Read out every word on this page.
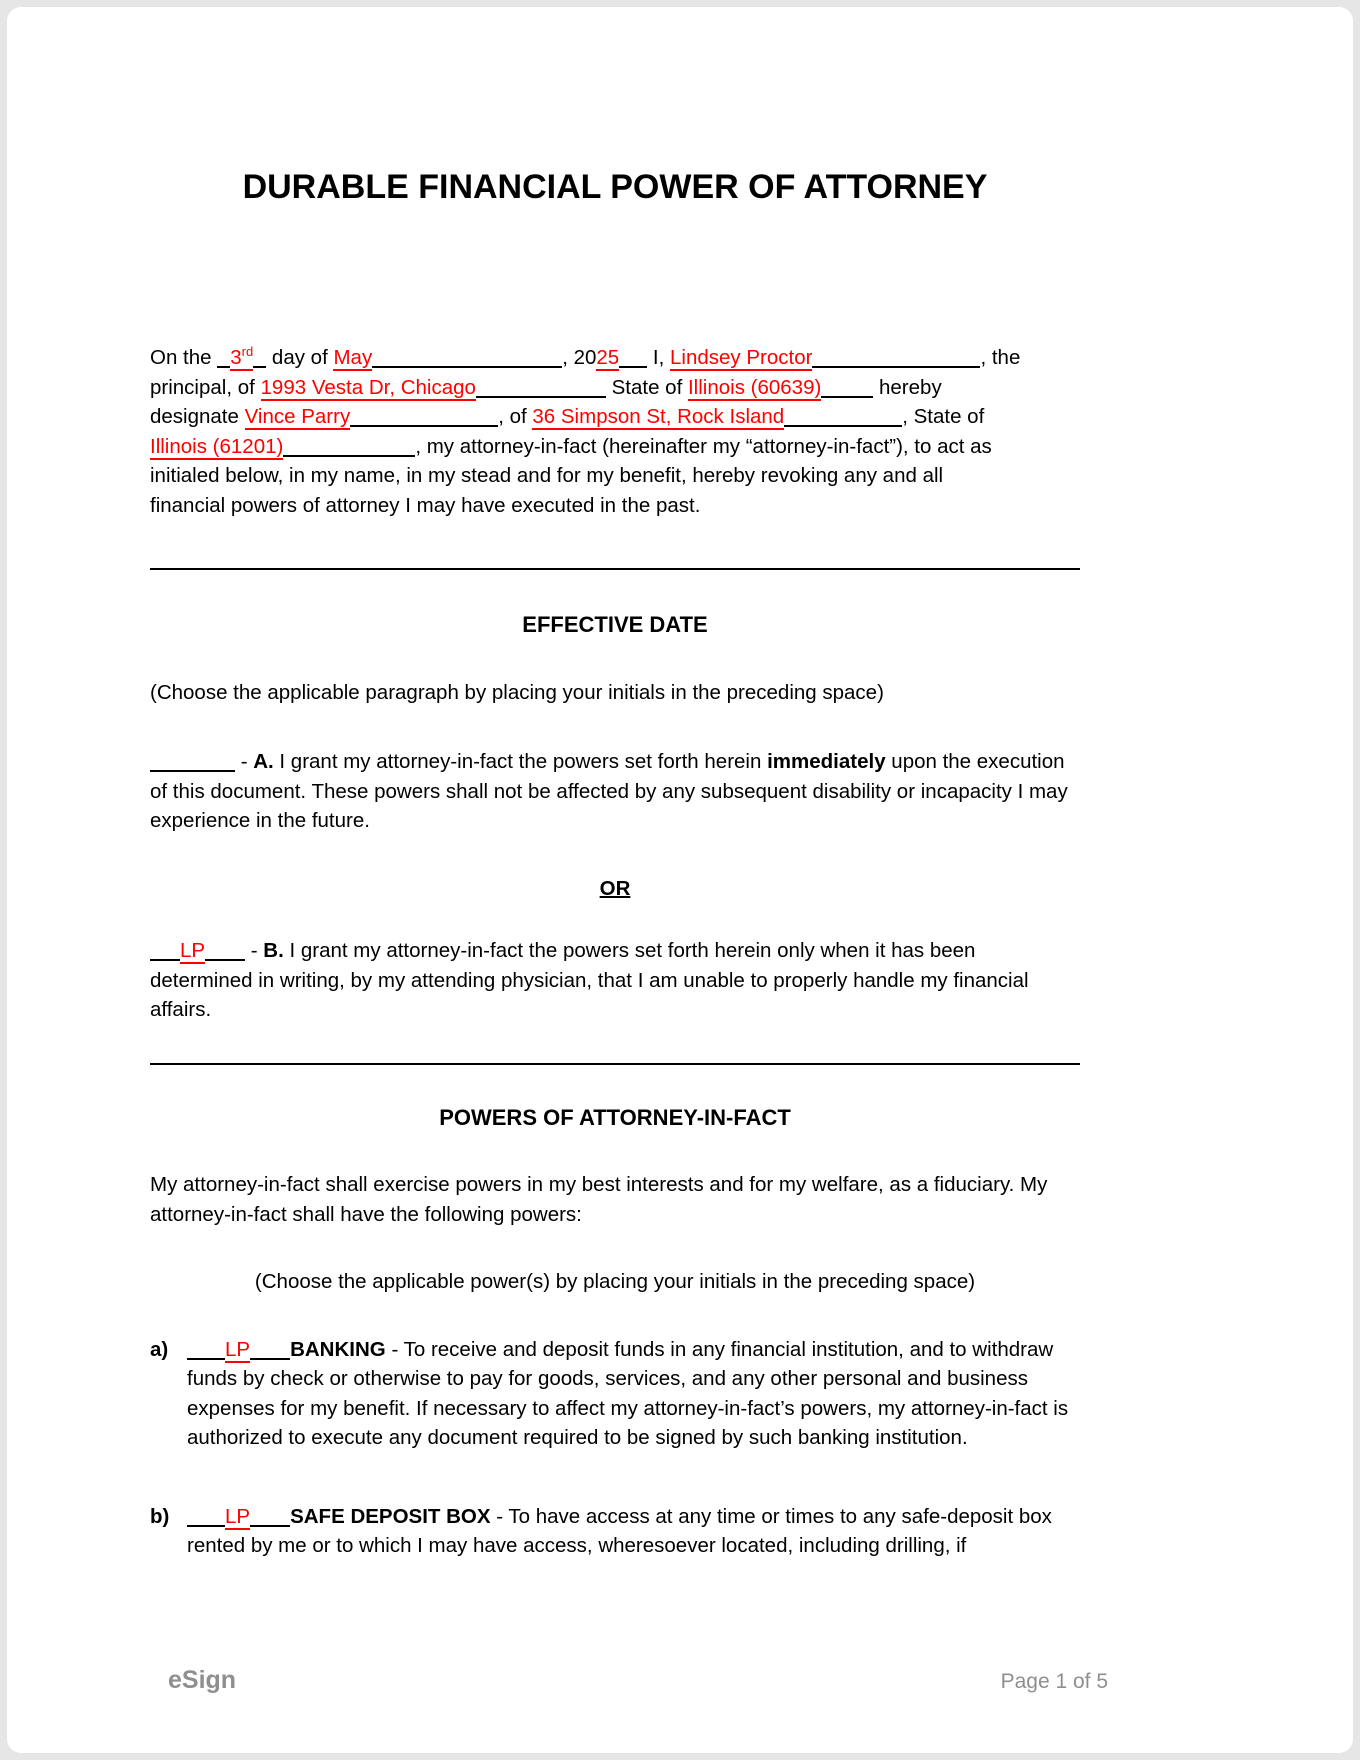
DURABLE FINANCIAL POWER OF ATTORNEY
On the 3rd day of May	, 2025 I, Lindsey Proctor	, the
principal, of 1993 Vesta Dr, Chicago	State of Illinois (60639)	hereby
designate Vince Parry	, of 36 Simpson St, Rock Island	, State of
Illinois (61201)	, my attorney-in-fact (hereinafter my “attorney-in-fact”), to act as
initialed below, in my name, in my stead and for my benefit, hereby revoking any and all
financial powers of attorney I may have executed in the past.
EFFECTIVE DATE
(Choose the applicable paragraph by placing your initials in the preceding space)
- A. I grant my attorney-in-fact the powers set forth herein immediately upon the execution of this document. These powers shall not be affected by any subsequent disability or incapacity I may experience in the future.
OR
LP - B. I grant my attorney-in-fact the powers set forth herein only when it has been determined in writing, by my attending physician, that I am unable to properly handle my financial affairs.
POWERS OF ATTORNEY-IN-FACT
My attorney-in-fact shall exercise powers in my best interests and for my welfare, as a fiduciary. My attorney-in-fact shall have the following powers:
(Choose the applicable power(s) by placing your initials in the preceding space)
a)	LP BANKING - To receive and deposit funds in any financial institution, and to withdraw funds by check or otherwise to pay for goods, services, and any other personal and business expenses for my benefit. If necessary to affect my attorney-in-fact’s powers, my attorney-in-fact is authorized to execute any document required to be signed by such banking institution.
b)	LP SAFE DEPOSIT BOX - To have access at any time or times to any safe-deposit box rented by me or to which I may have access, wheresoever located, including drilling, if
eSign	Page 1 of 5
